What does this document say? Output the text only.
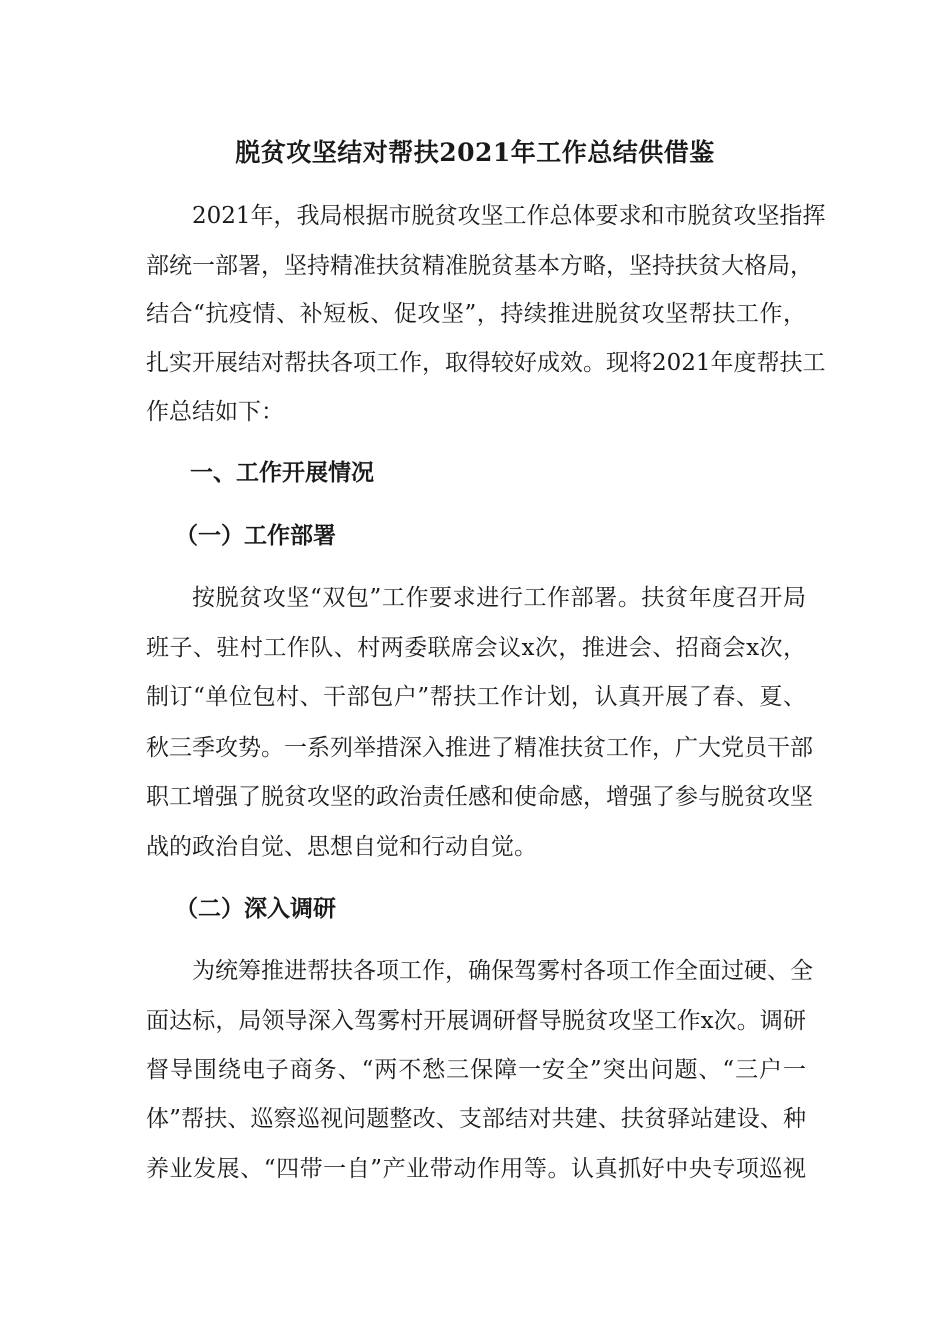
脱贫攻坚结对帮扶2021年工作总结供借鉴
2021年，我局根据市脱贫攻坚工作总体要求和市脱贫攻坚指挥
部统一部署，坚持精准扶贫精准脱贫基本方略，坚持扶贫大格局，
结合“抗疫情、补短板、促攻坚”，持续推进脱贫攻坚帮扶工作，
扎实开展结对帮扶各项工作，取得较好成效。现将2021年度帮扶工
作总结如下：
一、工作开展情况
（一）工作部署
按脱贫攻坚“双包”工作要求进行工作部署。扶贫年度召开局
班子、驻村工作队、村两委联席会议x次，推进会、招商会x次，
制订“单位包村、干部包户”帮扶工作计划，认真开展了春、夏、
秋三季攻势。一系列举措深入推进了精准扶贫工作，广大党员干部
职工增强了脱贫攻坚的政治责任感和使命感，增强了参与脱贫攻坚
战的政治自觉、思想自觉和行动自觉。
（二）深入调研
为统筹推进帮扶各项工作，确保驾雾村各项工作全面过硬、全
面达标，局领导深入驾雾村开展调研督导脱贫攻坚工作x次。调研
督导围绕电子商务、“两不愁三保障一安全”突出问题、“三户一
体”帮扶、巡察巡视问题整改、支部结对共建、扶贫驿站建设、种
养业发展、“四带一自”产业带动作用等。认真抓好中央专项巡视
